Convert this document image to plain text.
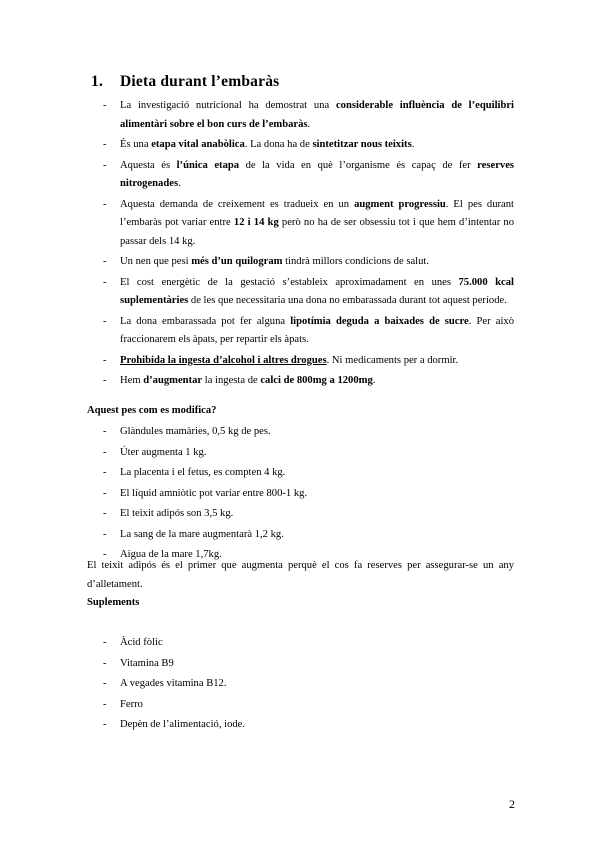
1. Dieta durant l’embaràs
- La investigació nutricional ha demostrat una considerable influència de l’equilibri alimentàri sobre el bon curs de l’embaràs.
- És una etapa vital anabòlica. La dona ha de sintetitzar nous teixits.
- Aquesta és l’única etapa de la vida en què l’organisme és capaç de fer reserves nitrogenades.
- Aquesta demanda de creixement es tradueix en un augment progressiu. El pes durant l’embaràs pot variar entre 12 i 14 kg però no ha de ser obsessiu tot i que hem d’intentar no passar dels 14 kg.
- Un nen que pesi més d’un quilogram tindrà millors condicions de salut.
- El cost energètic de la gestació s’estableix aproximadament en unes 75.000 kcal suplementàries de les que necessitaria una dona no embarassada durant tot aquest període.
- La dona embarassada pot fer alguna lipotímia deguda a baixades de sucre. Per això fraccionarem els àpats, per repartir els àpats.
- Prohibida la ingesta d’alcohol i altres drogues. Ni medicaments per a dormir.
- Hem d’augmentar la ingesta de calci de 800mg a 1200mg.
Aquest pes com es modifica?
- Glàndules mamàries, 0,5 kg de pes.
- Úter augmenta 1 kg.
- La placenta i el fetus, es compten 4 kg.
- El líquid amniòtic pot variar entre 800-1 kg.
- El teixit adipós son 3,5 kg.
- La sang de la mare augmentarà 1,2 kg.
- Aigua de la mare 1,7kg.
El teixit adipós és el primer que augmenta perquè el cos fa reserves per assegurar-se un any d’alletament.
Suplements
- Àcid fòlic
- Vitamina B9
- A vegades vitamina B12.
- Ferro
- Depèn de l’alimentació, iode.
2
